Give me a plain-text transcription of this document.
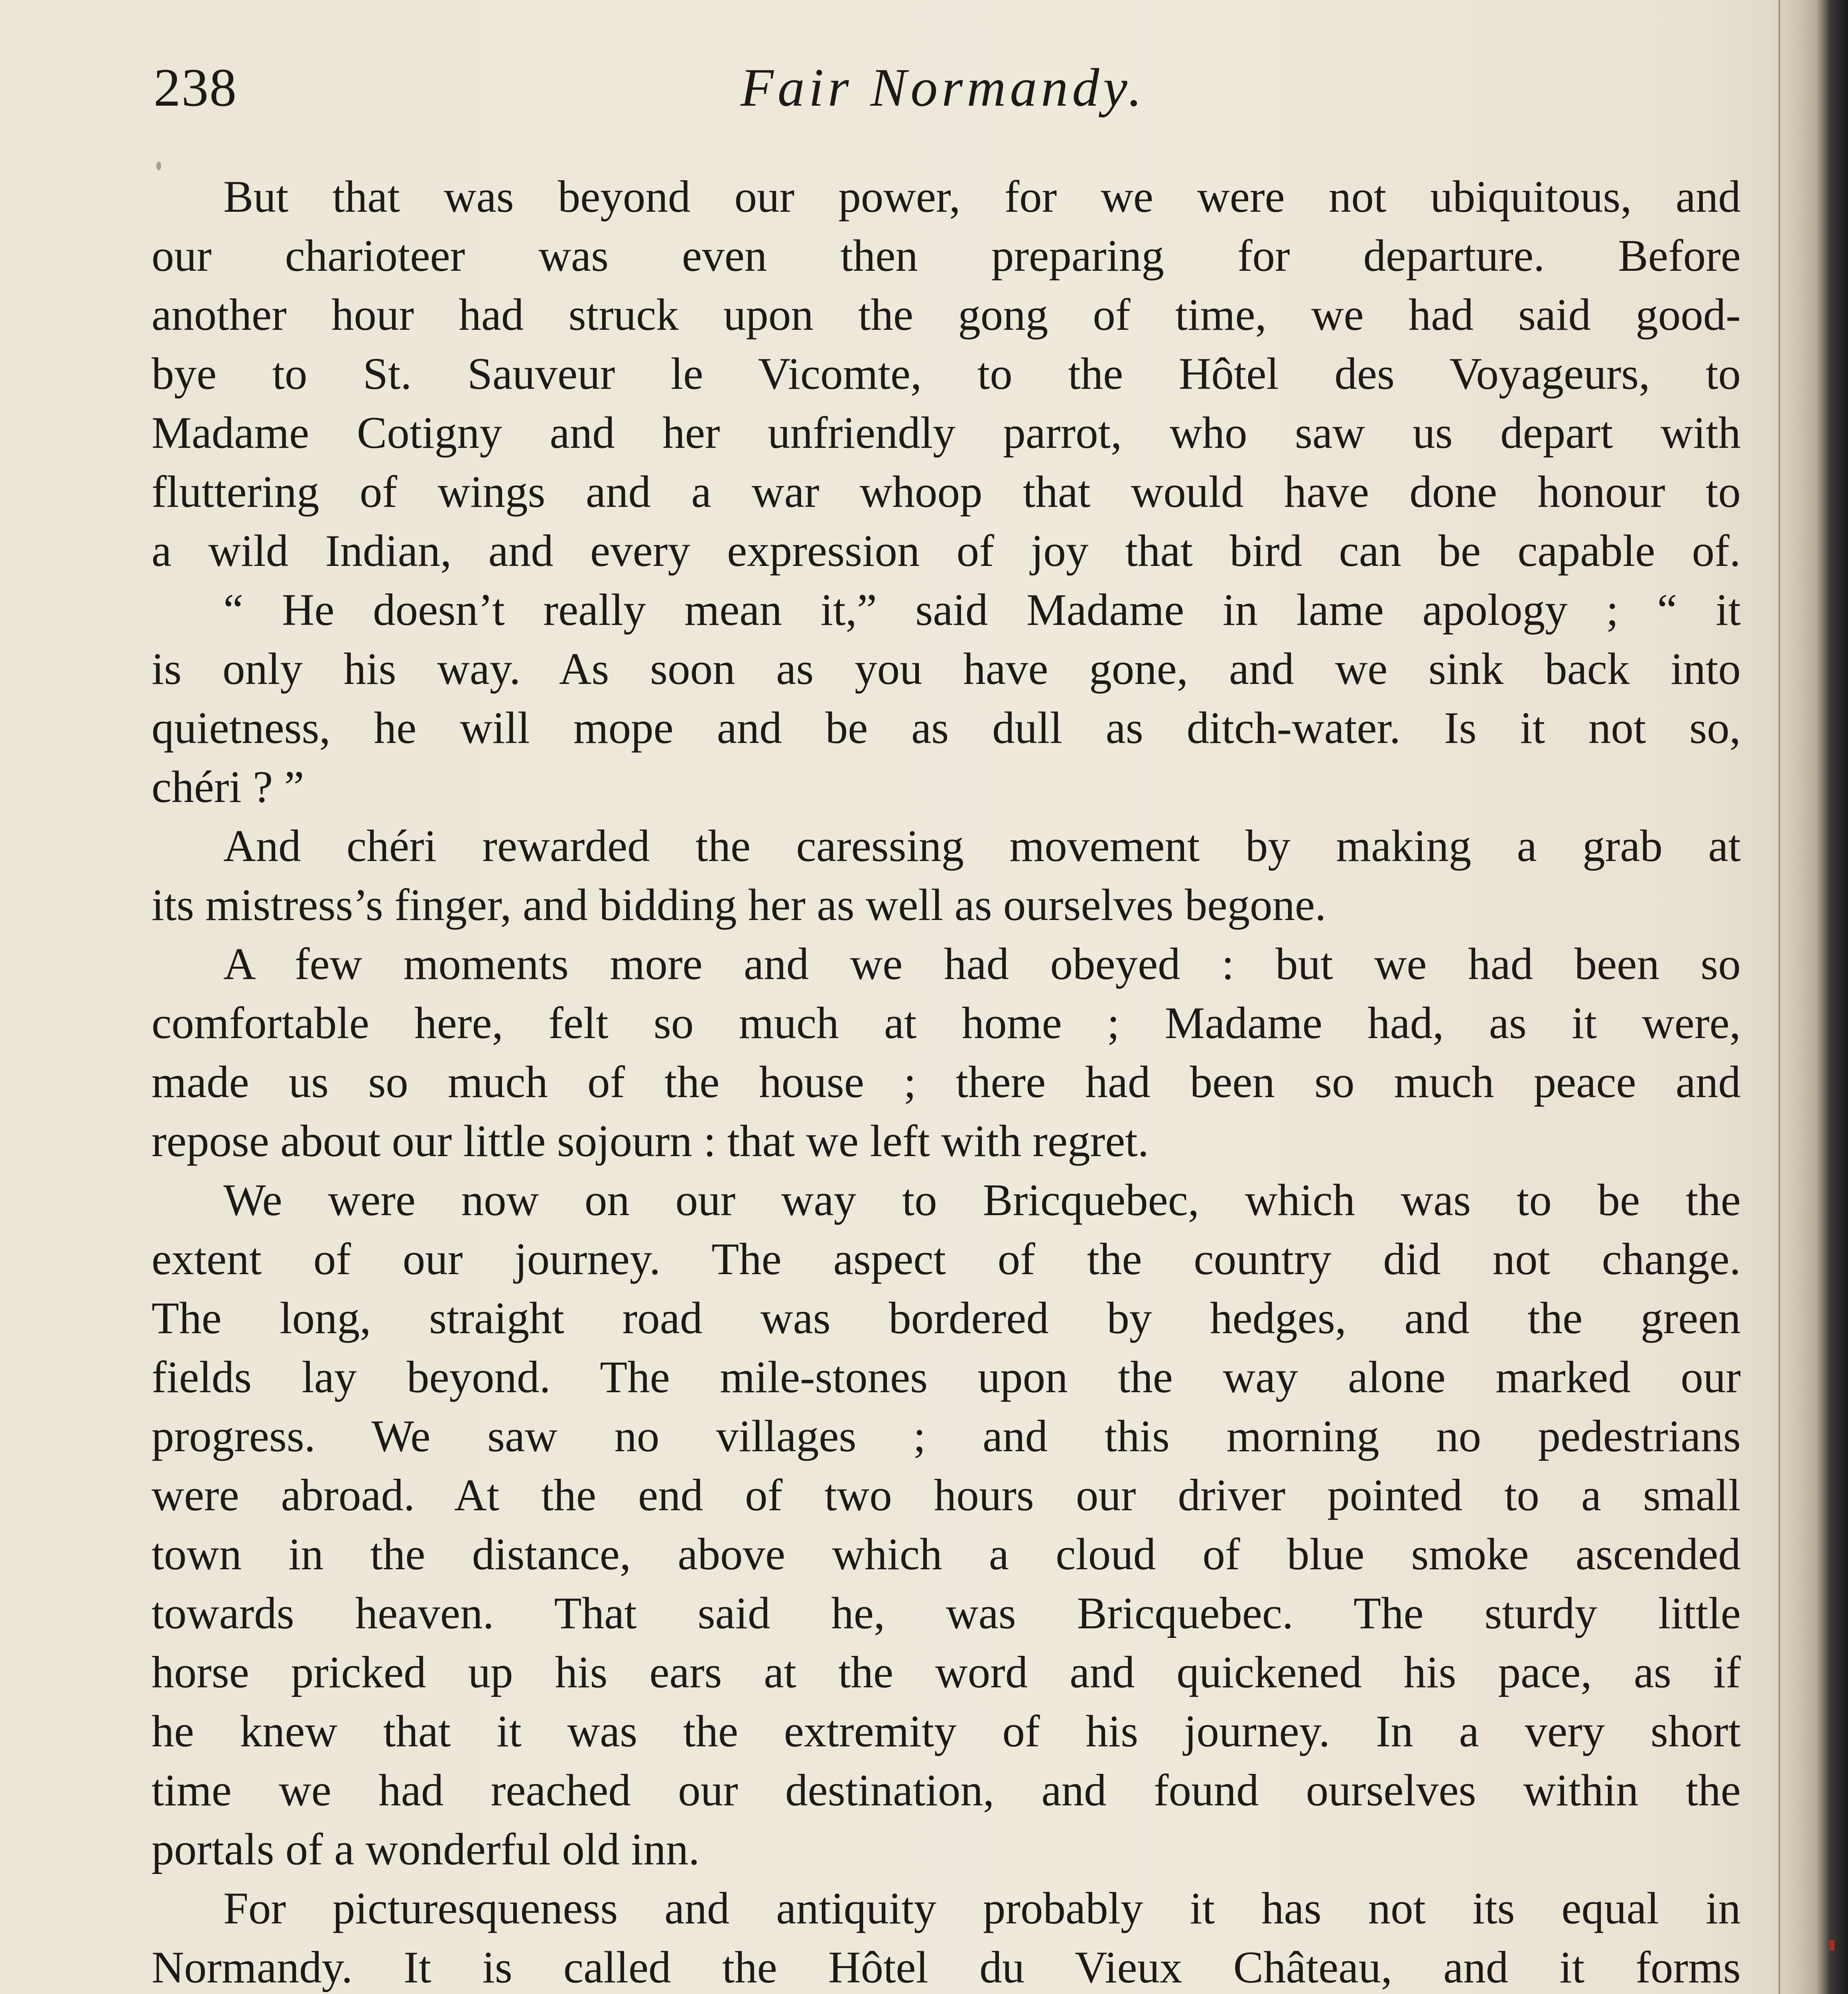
238	Fair Normandy.
But that was beyond our power, for we were not ubiquitous, and
our charioteer was even then preparing for departure. Before
another hour had struck upon the gong of time, we had said good-
bye to St. Sauveur le Vicomte, to the Hôtel des Voyageurs, to
Madame Cotigny and her unfriendly parrot, who saw us depart with
fluttering of wings and a war whoop that would have done honour to
a wild Indian, and every expression of joy that bird can be capable of.
“ He doesn’t really mean it,” said Madame in lame apology ; “ it
is only his way. As soon as you have gone, and we sink back into
quietness, he will mope and be as dull as ditch-water. Is it not so,
chéri ? ”
And chéri rewarded the caressing movement by making a grab at
its mistress’s finger, and bidding her as well as ourselves begone.
A few moments more and we had obeyed : but we had been so
comfortable here, felt so much at home ; Madame had, as it were,
made us so much of the house ; there had been so much peace and
repose about our little sojourn : that we left with regret.
We were now on our way to Bricquebec, which was to be the
extent of our journey. The aspect of the country did not change.
The long, straight road was bordered by hedges, and the green
fields lay beyond. The mile-stones upon the way alone marked our
progress. We saw no villages ; and this morning no pedestrians
were abroad. At the end of two hours our driver pointed to a small
town in the distance, above which a cloud of blue smoke ascended
towards heaven. That said he, was Bricquebec. The sturdy little
horse pricked up his ears at the word and quickened his pace, as if
he knew that it was the extremity of his journey. In a very short
time we had reached our destination, and found ourselves within the
portals of a wonderful old inn.
For picturesqueness and antiquity probably it has not its equal in
Normandy. It is called the Hôtel du Vieux Château, and it forms
